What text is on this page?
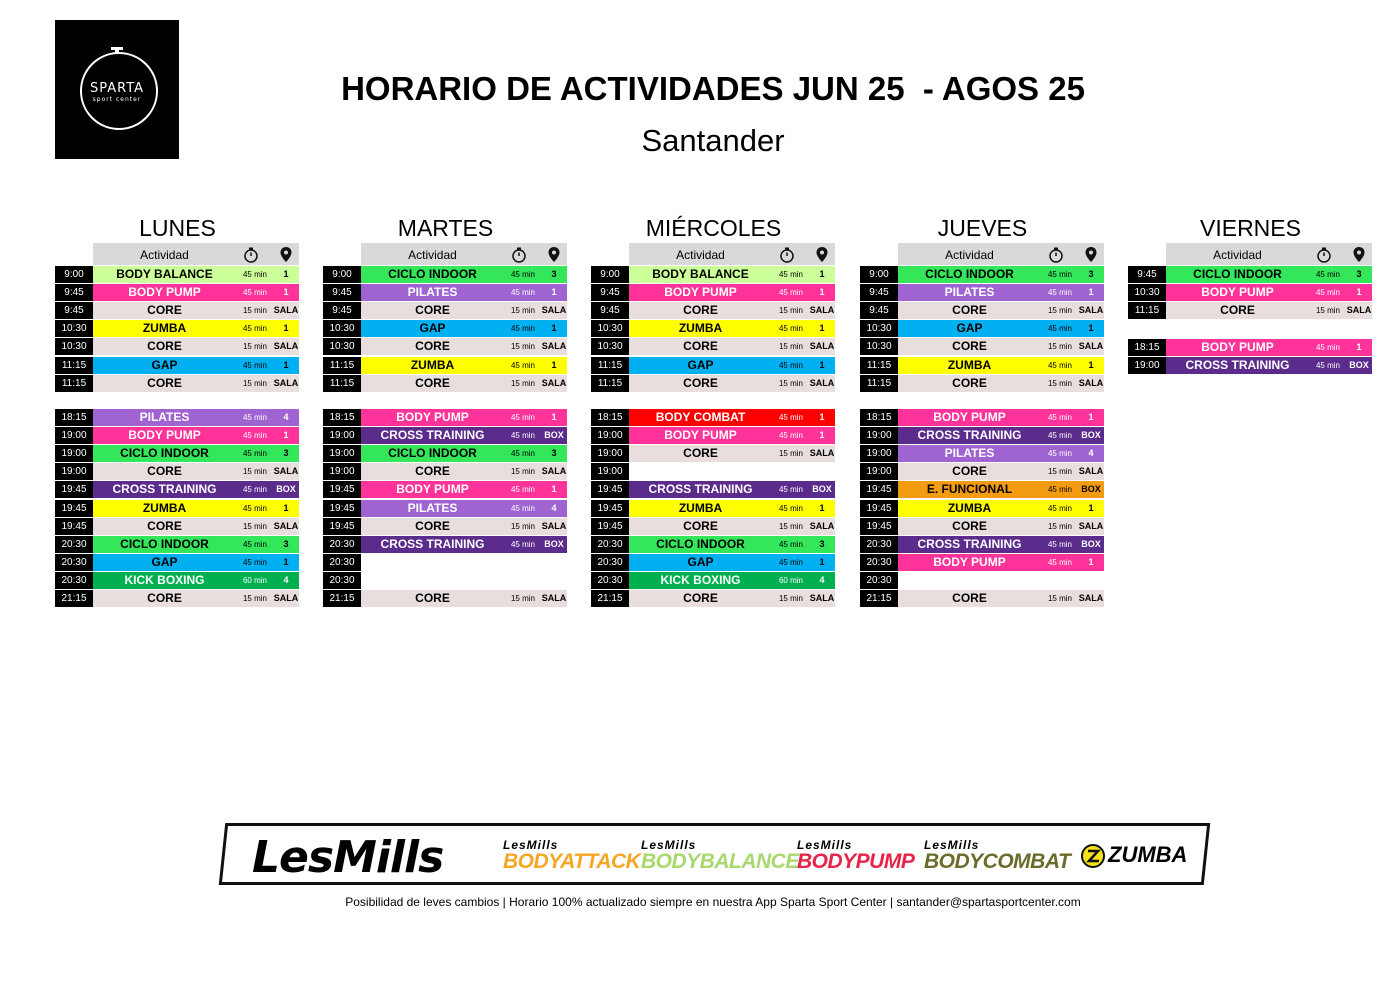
SPARTA
sport center	HORARIO DE ACTIVIDADES JUN 25  - AGOS 25
Santander
LUNES
Actividad
9:00	BODY BALANCE	45 min	1
9:45	BODY PUMP	45 min	1
9:45	CORE	15 min SALA
10:30	ZUMBA	45 min	1
10:30	CORE	15 min SALA
11:15	GAP	45 min	1
11:15	CORE	15 min SALA
18:15	PILATES	45 min	4
19:00	BODY PUMP	45 min	1
19:00	CICLO INDOOR	45 min	3
19:00	CORE	15 min SALA
19:45	CROSS TRAINING	45 min	BOX
19:45	ZUMBA	45 min	1
19:45	CORE	15 min SALA
20:30	CICLO INDOOR	45 min	3
20:30	GAP	45 min	1
20:30	KICK BOXING	60 min	4
21:15	CORE	15 min SALA
MARTES
Actividad
9:00	CICLO INDOOR	45 min	3
9:45	PILATES	45 min	1
9:45	CORE	15 min SALA
10:30	GAP	45 min	1
10:30	CORE	15 min SALA
11:15	ZUMBA	45 min	1
11:15	CORE	15 min SALA
18:15	BODY PUMP	45 min	1
19:00	CROSS TRAINING	45 min	BOX
19:00	CICLO INDOOR	45 min	3
19:00	CORE	15 min SALA
19:45	BODY PUMP	45 min	1
19:45	PILATES	45 min	4
19:45	CORE	15 min SALA
20:30	CROSS TRAINING	45 min	BOX
20:30
20:30
21:15	CORE	15 min SALA
MIÉRCOLES
Actividad
9:00	BODY BALANCE	45 min	1
9:45	BODY PUMP	45 min	1
9:45	CORE	15 min SALA
10:30	ZUMBA	45 min	1
10:30	CORE	15 min SALA
11:15	GAP	45 min	1
11:15	CORE	15 min SALA
18:15	BODY COMBAT	45 min	1
19:00	BODY PUMP	45 min	1
19:00	CORE	15 min SALA
19:00
19:45	CROSS TRAINING	45 min	BOX
19:45	ZUMBA	45 min	1
19:45	CORE	15 min SALA
20:30	CICLO INDOOR	45 min	3
20:30	GAP	45 min	1
20:30	KICK BOXING	60 min	4
21:15	CORE	15 min SALA
JUEVES
Actividad
9:00	CICLO INDOOR	45 min	3
9:45	PILATES	45 min	1
9:45	CORE	15 min SALA
10:30	GAP	45 min	1
10:30	CORE	15 min SALA
11:15	ZUMBA	45 min	1
11:15	CORE	15 min SALA
18:15	BODY PUMP	45 min	1
19:00	CROSS TRAINING	45 min	BOX
19:00	PILATES	45 min	4
19:00	CORE	15 min SALA
19:45	E. FUNCIONAL	45 min	BOX
19:45	ZUMBA	45 min	1
19:45	CORE	15 min SALA
20:30	CROSS TRAINING	45 min	BOX
20:30	BODY PUMP	45 min	1
20:30
21:15	CORE	15 min SALA
VIERNES
Actividad
9:45	CICLO INDOOR	45 min	3
10:30	BODY PUMP	45 min	1
11:15	CORE	15 min SALA
18:15	BODY PUMP	45 min	1
19:00	CROSS TRAINING	45 min	BOX
LesMills	LesMills
BODYATTACK
LesMills
BODYBALANCE
LesMills
BODYPUMP
LesMills
BODYCOMBAT	ZUMBA
Posibilidad de leves cambios | Horario 100% actualizado siempre en nuestra App Sparta Sport Center | santander@spartasportcenter.com
